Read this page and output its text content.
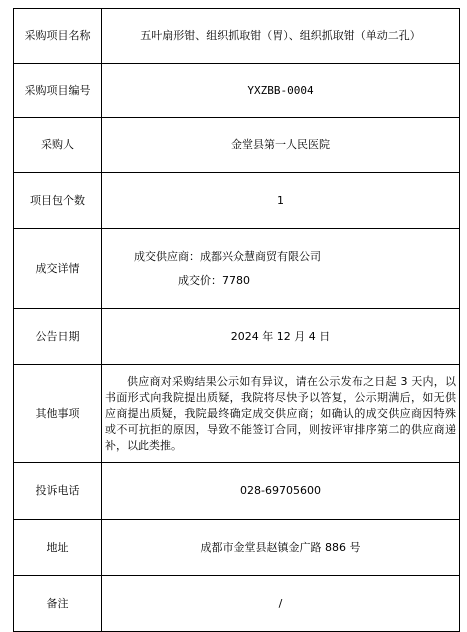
采购项目名称	五叶扇形钳、组织抓取钳（胃）、组织抓取钳（单动二孔）
采购项目编号	YXZBB-0004
采购人	金堂县第一人民医院
项目包个数	1
成交详情	成交供应商：成都兴众慧商贸有限公司
成交价：7780

公告日期	2024 年 12 月 4 日
其他事项	供应商对采购结果公示如有异议，请在公示发布之日起 3 天内，以书面形式向我院提出质疑，我院将尽快予以答复，公示期满后，如无供应商提出质疑，我院最终确定成交供应商；如确认的成交供应商因特殊或不可抗拒的原因，导致不能签订合同，则按评审排序第二的供应商递补，以此类推。

投诉电话	028-69705600
地址	成都市金堂县赵镇金广路 886 号
备注	/
